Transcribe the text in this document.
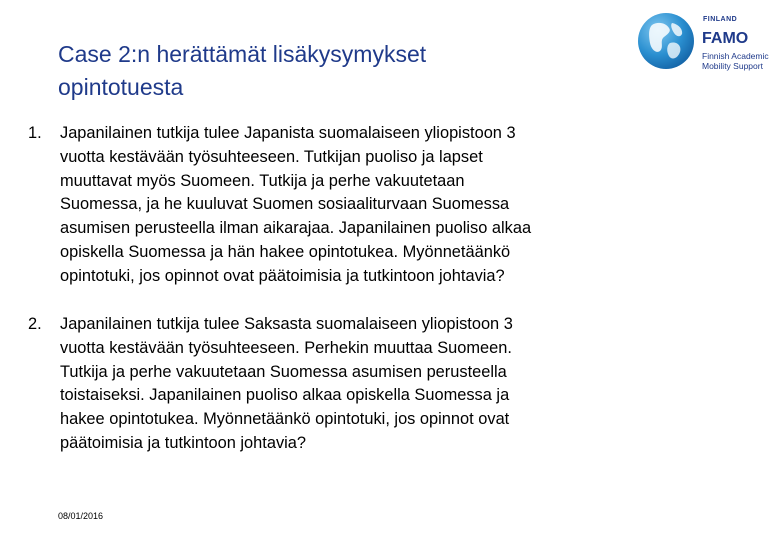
Case 2:n herättämät lisäkysymykset
opintotuesta
FINLAND
FAMO
Finnish Academic
Mobility Support
1. Japanilainen tutkija tulee Japanista suomalaiseen yliopistoon 3
vuotta kestävään työsuhteeseen. Tutkijan puoliso ja lapset
muuttavat myös Suomeen. Tutkija ja perhe vakuutetaan
Suomessa, ja he kuuluvat Suomen sosiaaliturvaan Suomessa
asumisen perusteella ilman aikarajaa. Japanilainen puoliso alkaa
opiskella Suomessa ja hän hakee opintotukea. Myönnetäänkö
opintotuki, jos opinnot ovat päätoimisia ja tutkintoon johtavia?
2. Japanilainen tutkija tulee Saksasta suomalaiseen yliopistoon 3
vuotta kestävään työsuhteeseen. Perhekin muuttaa Suomeen.
Tutkija ja perhe vakuutetaan Suomessa asumisen perusteella
toistaiseksi. Japanilainen puoliso alkaa opiskella Suomessa ja
hakee opintotukea. Myönnetäänkö opintotuki, jos opinnot ovat
päätoimisia ja tutkintoon johtavia?
08/01/2016
